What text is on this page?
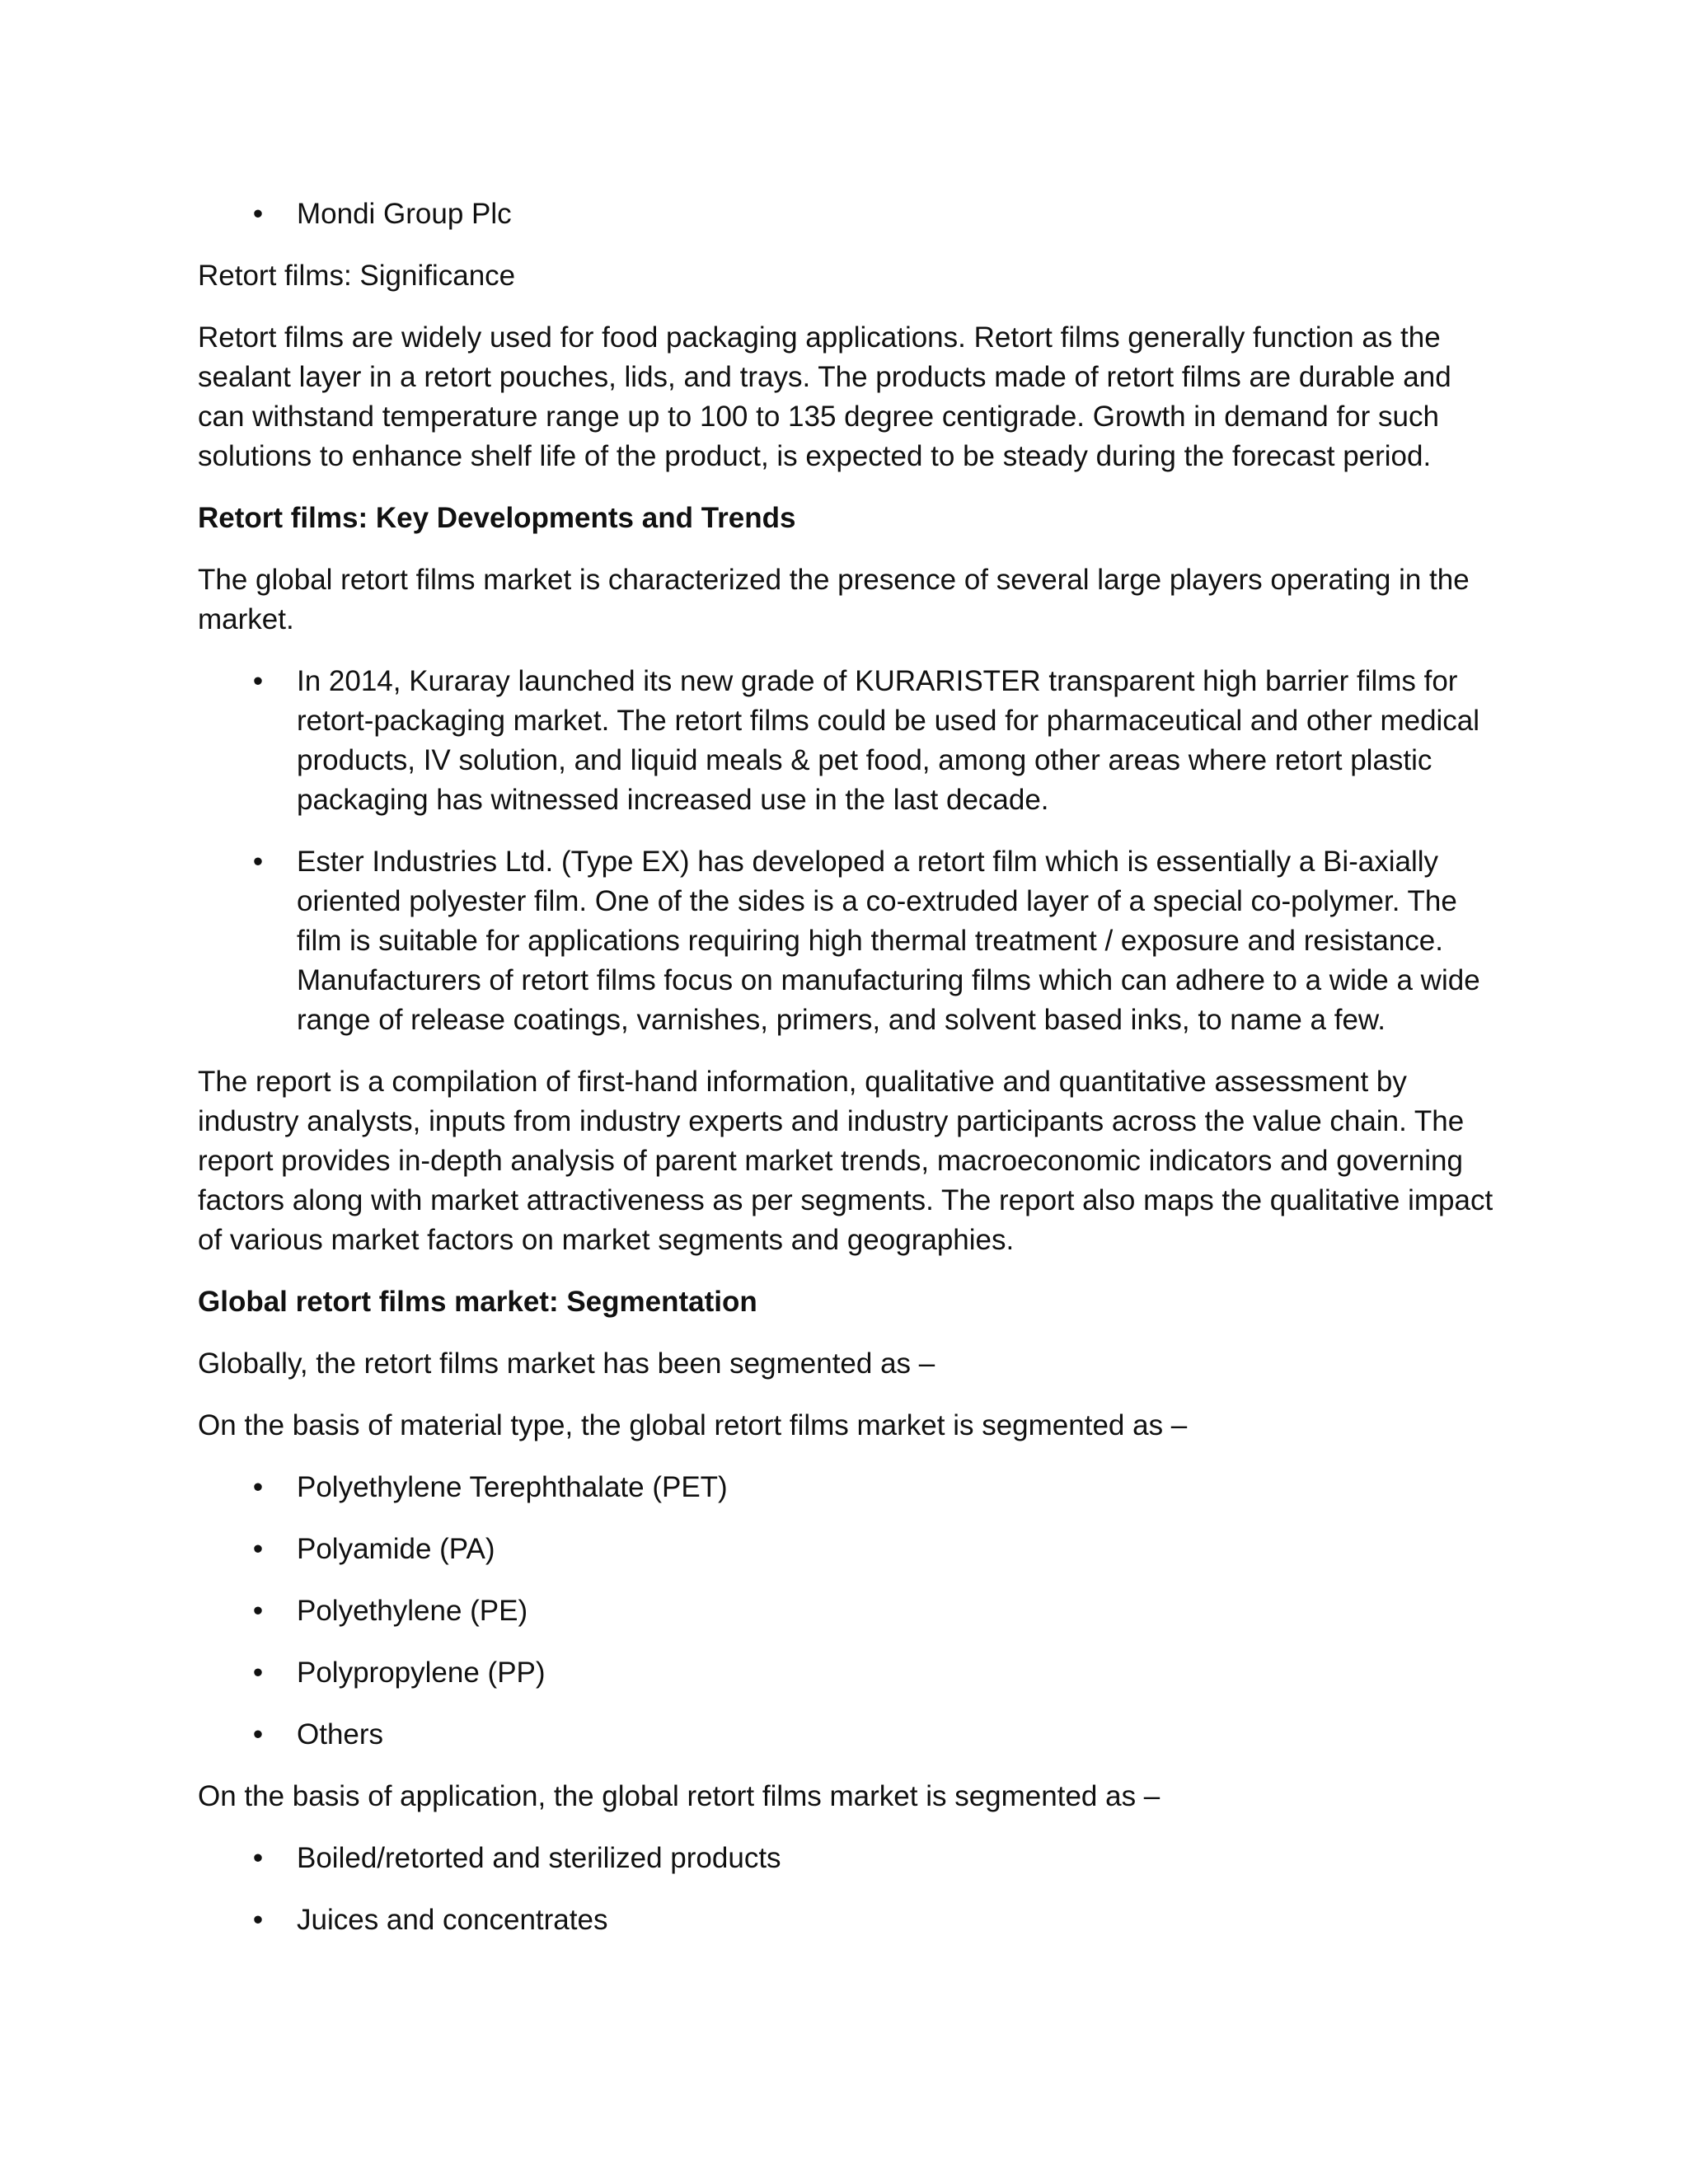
• Mondi Group Plc

Retort films: Significance

Retort films are widely used for food packaging applications. Retort films generally function as the sealant layer in a retort pouches, lids, and trays. The products made of retort films are durable and can withstand temperature range up to 100 to 135 degree centigrade. Growth in demand for such solutions to enhance shelf life of the product, is expected to be steady during the forecast period.

Retort films: Key Developments and Trends

The global retort films market is characterized the presence of several large players operating in the market.

• In 2014, Kuraray launched its new grade of KURARISTER transparent high barrier films for retort-packaging market. The retort films could be used for pharmaceutical and other medical products, IV solution, and liquid meals & pet food, among other areas where retort plastic packaging has witnessed increased use in the last decade.
• Ester Industries Ltd. (Type EX) has developed a retort film which is essentially a Bi-axially oriented polyester film. One of the sides is a co-extruded layer of a special co-polymer. The film is suitable for applications requiring high thermal treatment / exposure and resistance. Manufacturers of retort films focus on manufacturing films which can adhere to a wide a wide range of release coatings, varnishes, primers, and solvent based inks, to name a few.

The report is a compilation of first-hand information, qualitative and quantitative assessment by industry analysts, inputs from industry experts and industry participants across the value chain. The report provides in-depth analysis of parent market trends, macroeconomic indicators and governing factors along with market attractiveness as per segments. The report also maps the qualitative impact of various market factors on market segments and geographies.

Global retort films market: Segmentation

Globally, the retort films market has been segmented as –

On the basis of material type, the global retort films market is segmented as –

• Polyethylene Terephthalate (PET)
• Polyamide (PA)
• Polyethylene (PE)
• Polypropylene (PP)
• Others

On the basis of application, the global retort films market is segmented as –

• Boiled/retorted and sterilized products
• Juices and concentrates
